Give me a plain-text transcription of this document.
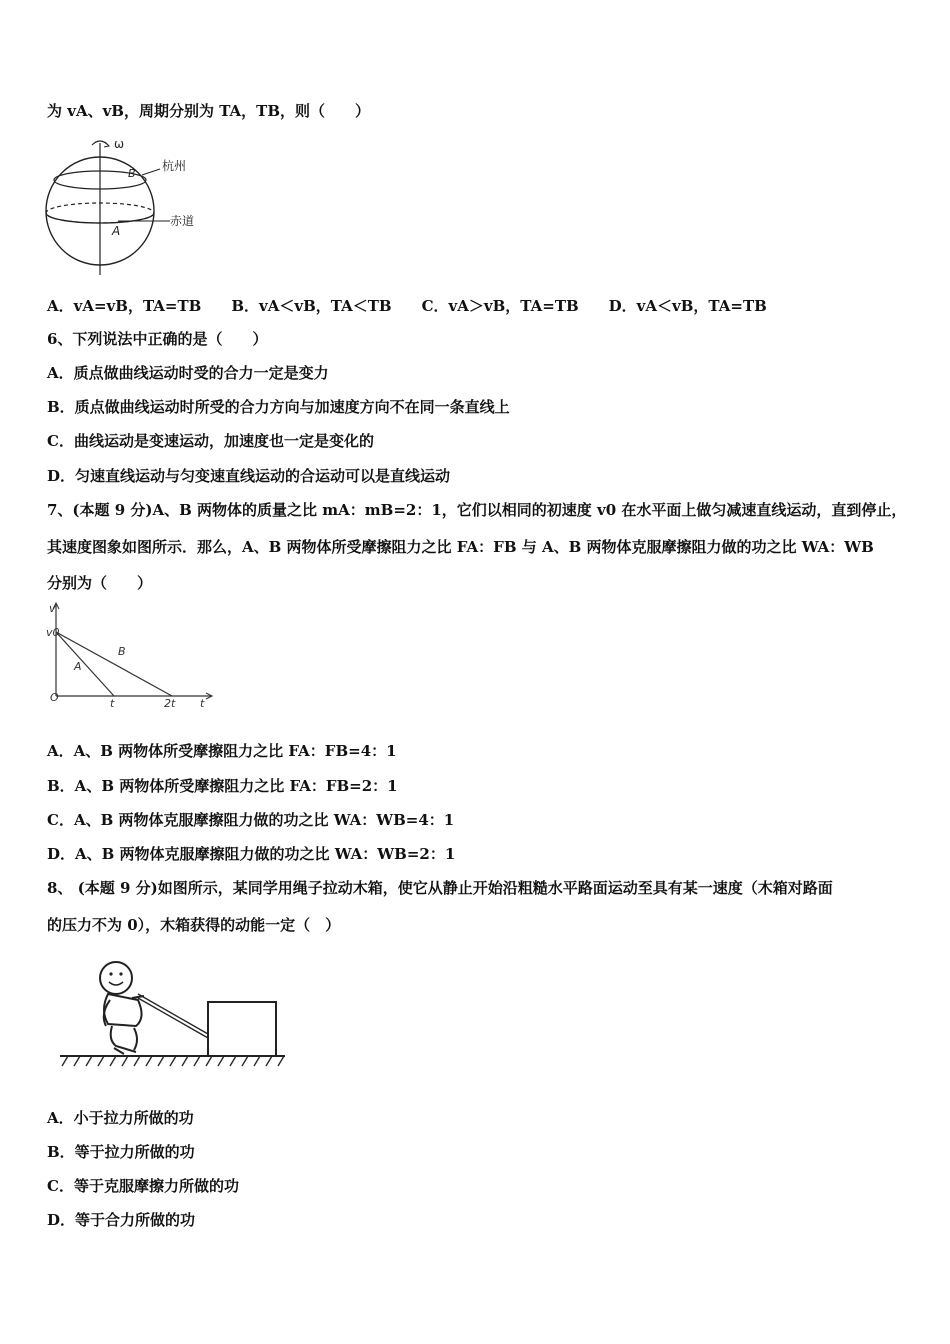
为 vA、vB，周期分别为 TA，TB，则（　　）
ω
B
杭州
赤道
A
A．vA=vB，TA=TB　　B．vA＜vB，TA＜TB　　C．vA＞vB，TA=TB　　D．vA＜vB，TA=TB
6、下列说法中正确的是（　　）
A．质点做曲线运动时受的合力一定是变力
B．质点做曲线运动时所受的合力方向与加速度方向不在同一条直线上
C．曲线运动是变速运动，加速度也一定是变化的
D．匀速直线运动与匀变速直线运动的合运动可以是直线运动
7、(本题 9 分)A、B 两物体的质量之比 mA：mB=2：1，它们以相同的初速度 v0 在水平面上做匀减速直线运动，直到停止，
其速度图象如图所示．那么，A、B 两物体所受摩擦阻力之比 FA：FB 与 A、B 两物体克服摩擦阻力做的功之比 WA：WB
分别为（　　）
v
v0
O	t	2t t
A
B
A．A、B 两物体所受摩擦阻力之比 FA：FB=4：1
B．A、B 两物体所受摩擦阻力之比 FA：FB=2：1
C．A、B 两物体克服摩擦阻力做的功之比 WA：WB=4：1
D．A、B 两物体克服摩擦阻力做的功之比 WA：WB=2：1
8、 (本题 9 分)如图所示，某同学用绳子拉动木箱，使它从静止开始沿粗糙水平路面运动至具有某一速度（木箱对路面
的压力不为 0），木箱获得的动能一定（　）
A．小于拉力所做的功
B．等于拉力所做的功
C．等于克服摩擦力所做的功
D．等于合力所做的功
